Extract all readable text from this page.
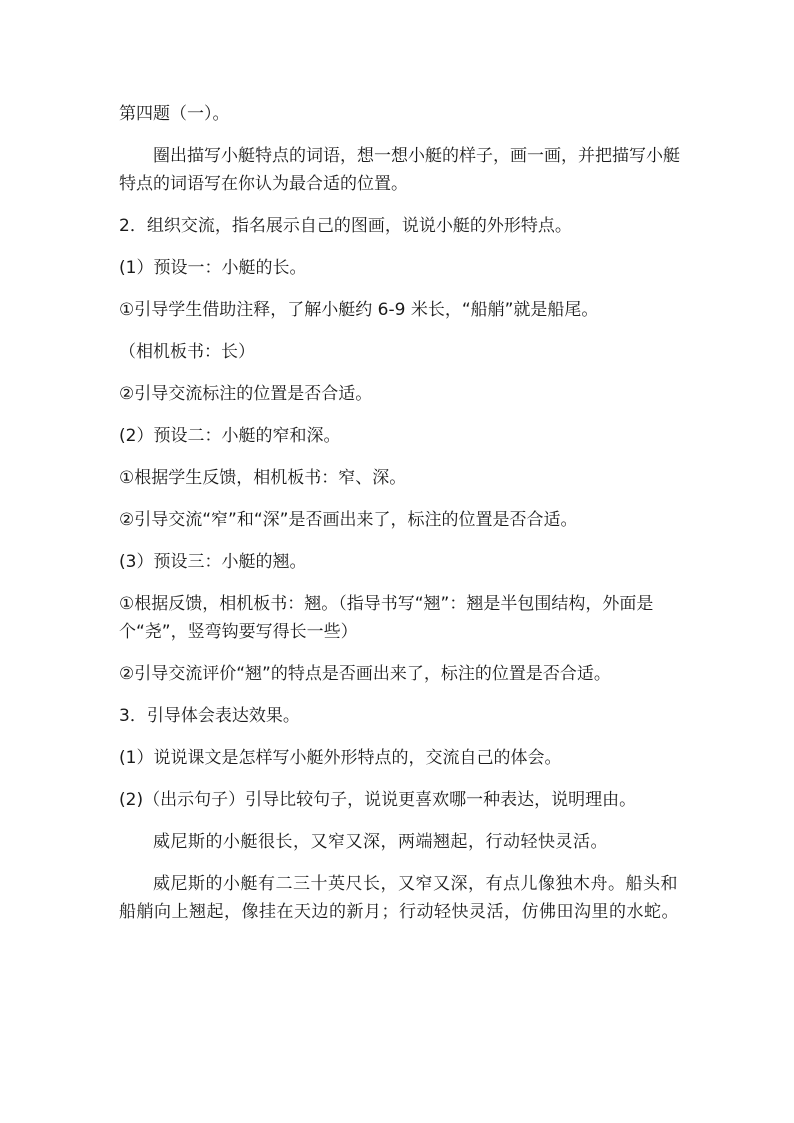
第四题（一）。
圈出描写小艇特点的词语，想一想小艇的样子，画一画，并把描写小艇特点的词语写在你认为最合适的位置。
2．组织交流，指名展示自己的图画，说说小艇的外形特点。
(1）预设一：小艇的长。
①引导学生借助注释，了解小艇约 6-9 米长，“船艄”就是船尾。
（相机板书：长）
②引导交流标注的位置是否合适。
(2）预设二：小艇的窄和深。
①根据学生反馈，相机板书：窄、深。
②引导交流“窄”和“深”是否画出来了，标注的位置是否合适。
(3）预设三：小艇的翘。
①根据反馈，相机板书：翘。（指导书写“翘”：翘是半包围结构，外面是个“尧”，竖弯钩要写得长一些）
②引导交流评价“翘”的特点是否画出来了，标注的位置是否合适。
3．引导体会表达效果。
(1）说说课文是怎样写小艇外形特点的，交流自己的体会。
(2)（出示句子）引导比较句子，说说更喜欢哪一种表达，说明理由。
威尼斯的小艇很长，又窄又深，两端翘起，行动轻快灵活。
威尼斯的小艇有二三十英尺长，又窄又深，有点儿像独木舟。船头和船艄向上翘起，像挂在天边的新月；行动轻快灵活，仿佛田沟里的水蛇。
